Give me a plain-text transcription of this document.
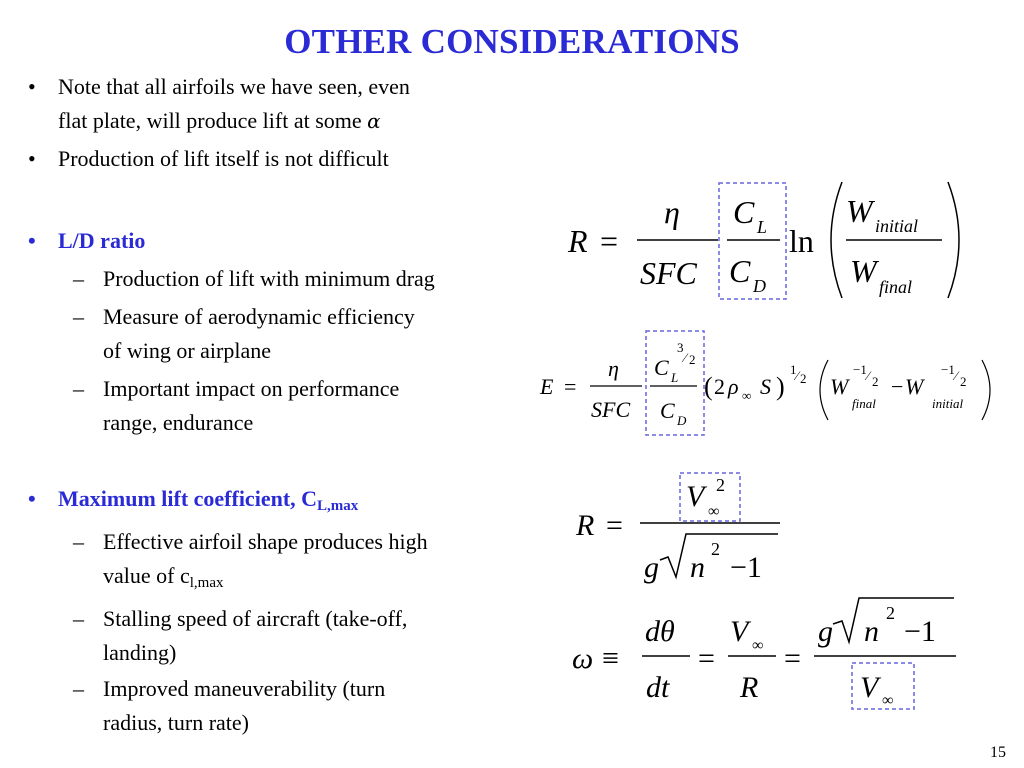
OTHER CONSIDERATIONS
• Note that all airfoils we have seen, even
flat plate, will produce lift at some α
• Production of lift itself is not difficult
• L/D ratio
– Production of lift with minimum drag
– Measure of aerodynamic efficiency
of wing or airplane
– Important impact on performance
range, endurance
• Maximum lift coefficient, $C_{L,max}$
– Effective airfoil shape produces high
value of $c_{l,max}$
– Stalling speed of aircraft (take-off,
landing)
– Improved maneuverability (turn
radius, turn rate)
R =
η
SFC
C L
C D
ln
W initial
W final
E =
η
SFC
3
⁄ 2
C L
C D
( 2 ρ ∞ S )
1 ⁄ 2 W
final
−1 ⁄ 2 − W
initial
−1 ⁄ 2
R =
V ∞
2
g n
2
−1
ω ≡
dθ
dt
=
V ∞
R
=
g n
2
−1
V ∞
15
